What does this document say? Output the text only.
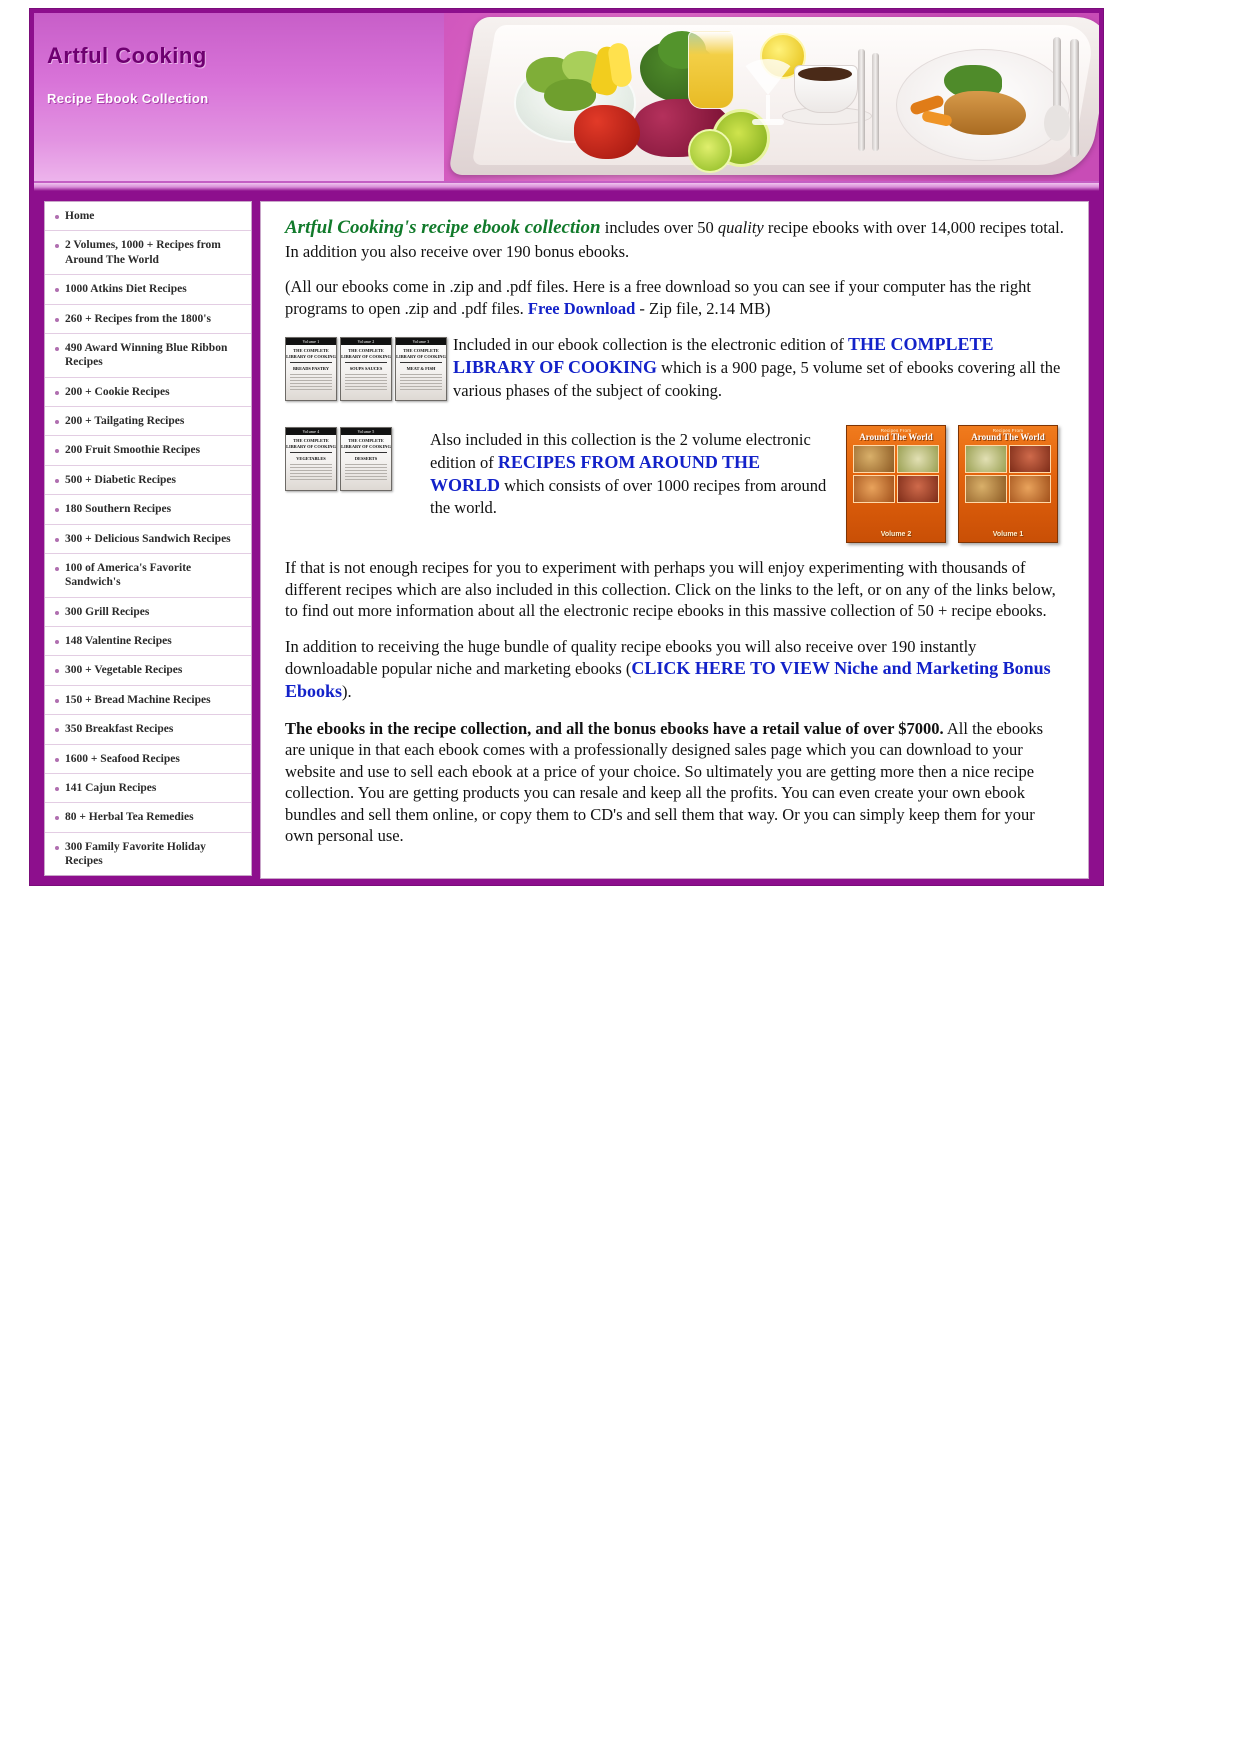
Artful Cooking
Recipe Ebook Collection
Home
2 Volumes, 1000 + Recipes from Around The World
1000 Atkins Diet Recipes
260 + Recipes from the 1800's
490 Award Winning Blue Ribbon Recipes
200 + Cookie Recipes
200 + Tailgating Recipes
200 Fruit Smoothie Recipes
500 + Diabetic Recipes
180 Southern Recipes
300 + Delicious Sandwich Recipes
100 of America's Favorite Sandwich's
300 Grill Recipes
148 Valentine Recipes
300 + Vegetable Recipes
150 + Bread Machine Recipes
350 Breakfast Recipes
1600 + Seafood Recipes
141 Cajun Recipes
80 + Herbal Tea Remedies
300 Family Favorite Holiday Recipes

Artful Cooking's recipe ebook collection includes over 50 quality recipe ebooks with over 14,000 recipes total. In addition you also receive over 190 bonus ebooks.

(All our ebooks come in .zip and .pdf files. Here is a free download so you can see if your computer has the right programs to open .zip and .pdf files. Free Download - Zip file, 2.14 MB)

Volume 1
THE COMPLETE LIBRARY OF COOKING
BREADS PASTRY
Volume 2
THE COMPLETE LIBRARY OF COOKING
SOUPS SAUCES
Volume 3
THE COMPLETE LIBRARY OF COOKING
MEAT & FISH

Included in our ebook collection is the electronic edition of THE COMPLETE LIBRARY OF COOKING which is a 900 page, 5 volume set of ebooks covering all the various phases of the subject of cooking.

Volume 4
THE COMPLETE LIBRARY OF COOKING
VEGETABLES
Volume 5
THE COMPLETE LIBRARY OF COOKING
DESSERTS
Recipes From
Around The World
Volume 2
Recipes From
Around The World
Volume 1

Also included in this collection is the 2 volume electronic edition of RECIPES FROM AROUND THE WORLD which consists of over 1000 recipes from around the world.

If that is not enough recipes for you to experiment with perhaps you will enjoy experimenting with thousands of different recipes which are also included in this collection. Click on the links to the left, or on any of the links below, to find out more information about all the electronic recipe ebooks in this massive collection of 50 + recipe ebooks.

In addition to receiving the huge bundle of quality recipe ebooks you will also receive over 190 instantly downloadable popular niche and marketing ebooks (CLICK HERE TO VIEW Niche and Marketing Bonus Ebooks).

The ebooks in the recipe collection, and all the bonus ebooks have a retail value of over $7000. All the ebooks are unique in that each ebook comes with a professionally designed sales page which you can download to your website and use to sell each ebook at a price of your choice. So ultimately you are getting more then a nice recipe collection. You are getting products you can resale and keep all the profits. You can even create your own ebook bundles and sell them online, or copy them to CD's and sell them that way. Or you can simply keep them for your own personal use.
